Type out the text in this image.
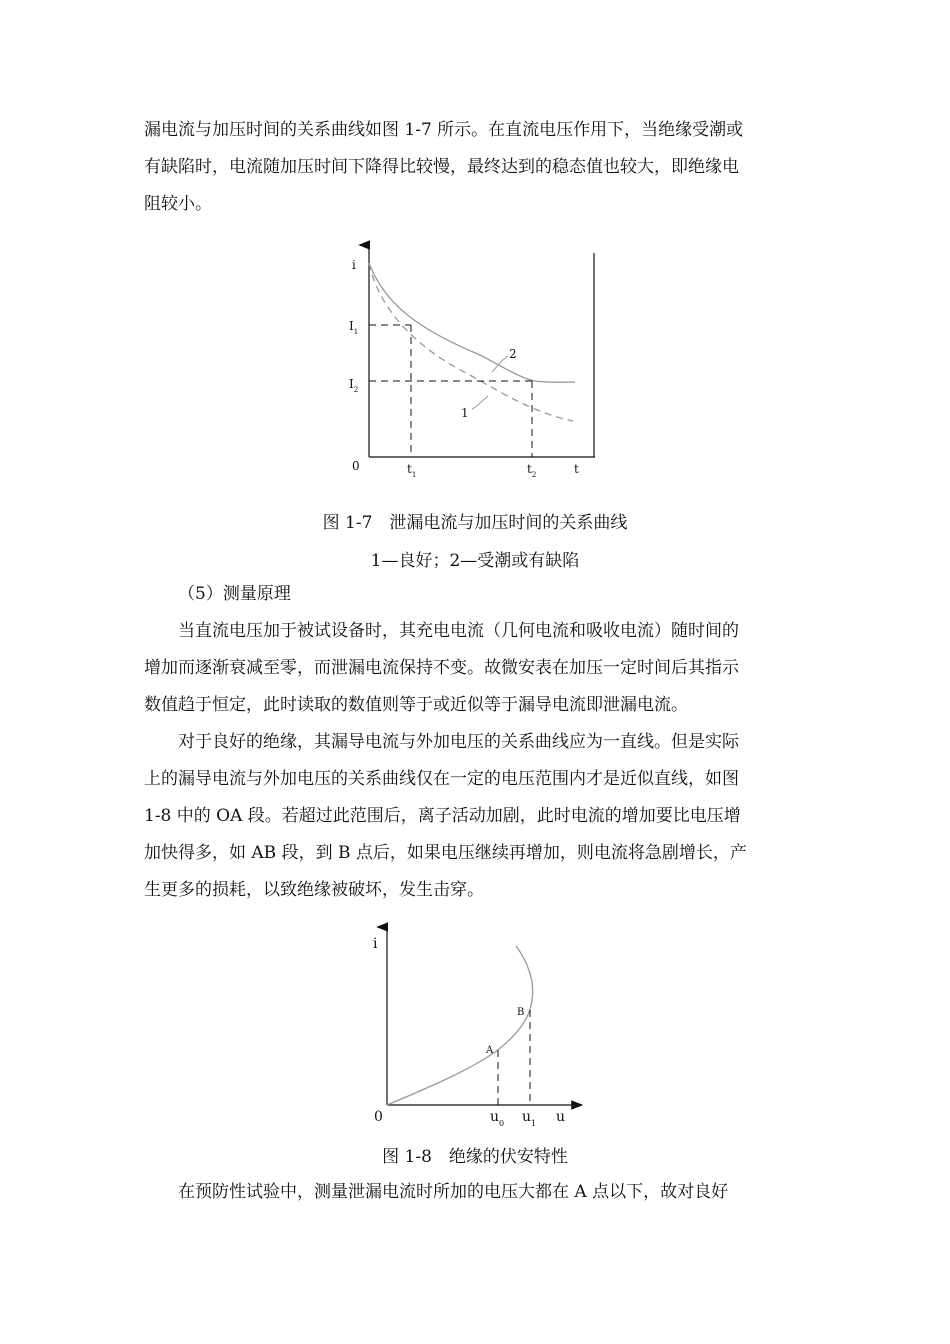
漏电流与加压时间的关系曲线如图 1-7 所示。在直流电压作用下，当绝缘受潮或
有缺陷时，电流随加压时间下降得比较慢，最终达到的稳态值也较大，即绝缘电
阻较小。
i
t
0
$I_1$
$I_2$
$t_1$	$t_2$
2
1

图 1-7　泄漏电流与加压时间的关系曲线

1—良好；2—受潮或有缺陷

（5）测量原理
当直流电压加于被试设备时，其充电电流（几何电流和吸收电流）随时间的
增加而逐渐衰减至零，而泄漏电流保持不变。故微安表在加压一定时间后其指示
数值趋于恒定，此时读取的数值则等于或近似等于漏导电流即泄漏电流。
对于良好的绝缘，其漏导电流与外加电压的关系曲线应为一直线。但是实际
上的漏导电流与外加电压的关系曲线仅在一定的电压范围内才是近似直线，如图
1-8 中的 OA 段。若超过此范围后，离子活动加剧，此时电流的增加要比电压增
加快得多，如 AB 段，到 B 点后，如果电压继续再增加，则电流将急剧增长，产
生更多的损耗，以致绝缘被破坏，发生击穿。
i
u
0
A
B
$u_0$ $u_1$

图 1-8　绝缘的伏安特性

在预防性试验中，测量泄漏电流时所加的电压大都在 A 点以下，故对良好
